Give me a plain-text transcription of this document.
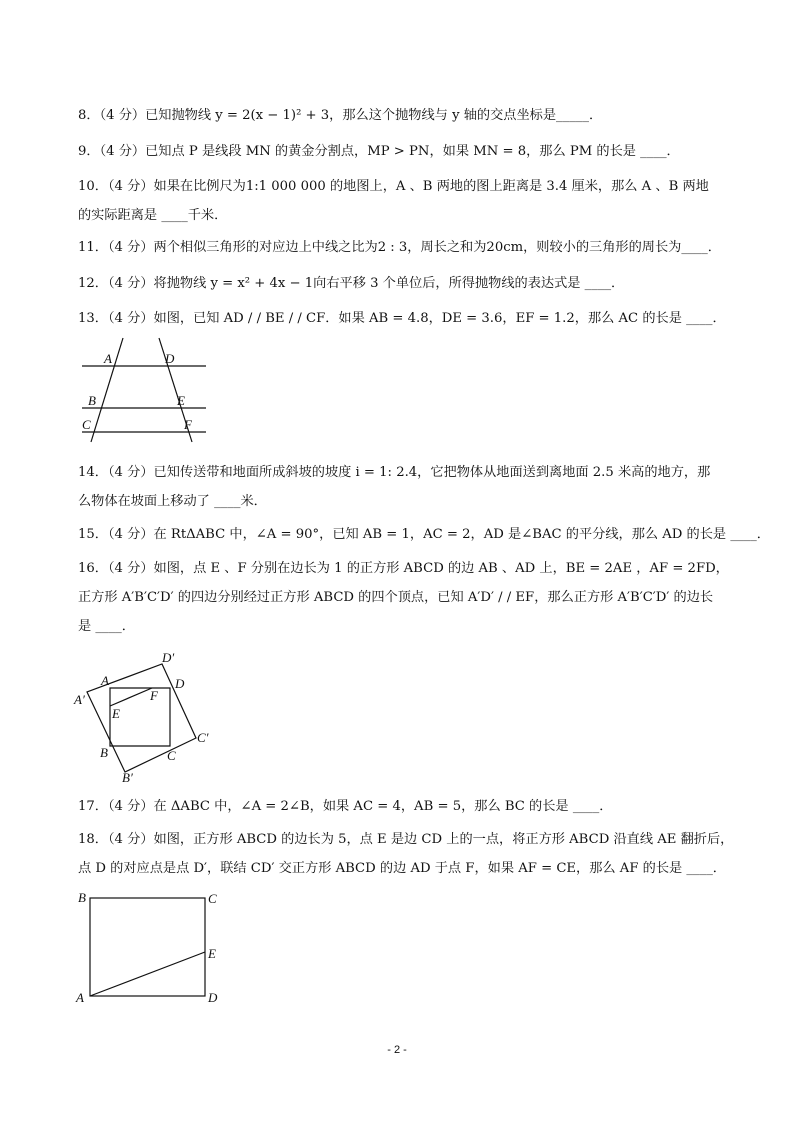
8．（4 分）已知抛物线 y = 2(x − 1)² + 3，那么这个抛物线与 y 轴的交点坐标是_____．
9．（4 分）已知点 P 是线段 MN 的黄金分割点，MP > PN，如果 MN = 8，那么 PM 的长是 ____．
10．（4 分）如果在比例尺为1:1 000 000 的地图上，A 、B 两地的图上距离是 3.4 厘米，那么 A 、B 两地
的实际距离是 ____千米．
11．（4 分）两个相似三角形的对应边上中线之比为2 : 3，周长之和为20cm，则较小的三角形的周长为____．
12．（4 分）将抛物线 y = x² + 4x − 1向右平移 3 个单位后，所得抛物线的表达式是 ____．
13．（4 分）如图，已知 AD / / BE / / CF．如果 AB = 4.8，DE = 3.6，EF = 1.2，那么 AC 的长是 ____．
A	D
B	E
C	F
14．（4 分）已知传送带和地面所成斜坡的坡度 i = 1: 2.4，它把物体从地面送到离地面 2.5 米高的地方，那
么物体在坡面上移动了 ____米．
15．（4 分）在 RtΔABC 中，∠A = 90°，已知 AB = 1，AC = 2，AD 是∠BAC 的平分线，那么 AD 的长是 ____．
16．（4 分）如图，点 E 、F 分别在边长为 1 的正方形 ABCD 的边 AB 、AD 上，BE = 2AE ，AF = 2FD，
正方形 A′B′C′D′ 的四边分别经过正方形 ABCD 的四个顶点，已知 A′D′ / / EF，那么正方形 A′B′C′D′ 的边长
是 ____．
D′
A′
A	D
F
E
C′
B	C
B′
17．（4 分）在 ΔABC 中，∠A = 2∠B，如果 AC = 4，AB = 5，那么 BC 的长是 ____．
18．（4 分）如图，正方形 ABCD 的边长为 5，点 E 是边 CD 上的一点，将正方形 ABCD 沿直线 AE 翻折后，
点 D 的对应点是点 D′，联结 CD′ 交正方形 ABCD 的边 AD 于点 F，如果 AF = CE，那么 AF 的长是 ____．
B	C
E
A	D
- 2 -
